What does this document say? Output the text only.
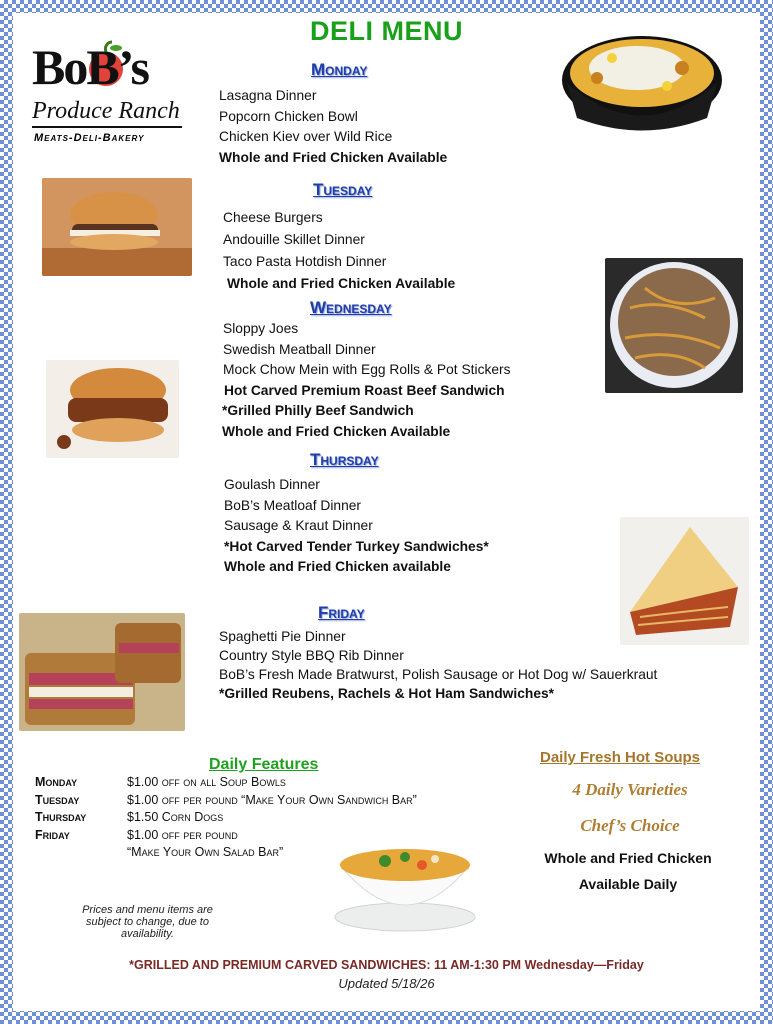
DELI MENU
BoB’s
Produce Ranch
Meats-Deli-Bakery
Monday
Lasagna Dinner
Popcorn Chicken Bowl
Chicken Kiev over Wild Rice
Whole and Fried Chicken Available
Tuesday
Cheese Burgers
Andouille Skillet Dinner
Taco Pasta Hotdish Dinner
Whole and Fried Chicken Available
Wednesday
Sloppy Joes
Swedish Meatball Dinner
Mock Chow Mein with Egg Rolls & Pot Stickers
Hot Carved Premium Roast Beef Sandwich
*Grilled Philly Beef Sandwich
Whole and Fried Chicken Available
Thursday
Goulash Dinner
BoB’s Meatloaf Dinner
Sausage & Kraut Dinner
*Hot Carved Tender Turkey Sandwiches*
Whole and Fried Chicken available
Friday
Spaghetti Pie Dinner
Country Style BBQ Rib Dinner
BoB’s Fresh Made Bratwurst, Polish Sausage or Hot Dog w/ Sauerkraut
*Grilled Reubens, Rachels & Hot Ham Sandwiches*
Daily Features
Monday	$1.00 off on all Soup Bowls
Tuesday	$1.00 off per pound “Make Your Own Sandwich Bar”
Thursday	$1.50 Corn Dogs
Friday	$1.00 off per pound
“Make Your Own Salad Bar”
Daily Fresh Hot Soups
4 Daily Varieties
Chef’s Choice
Whole and Fried Chicken
Available Daily
Prices and menu items are
subject to change, due to
availability.
*GRILLED AND PREMIUM CARVED SANDWICHES: 11 AM-1:30 PM Wednesday—Friday
Updated 5/18/26
